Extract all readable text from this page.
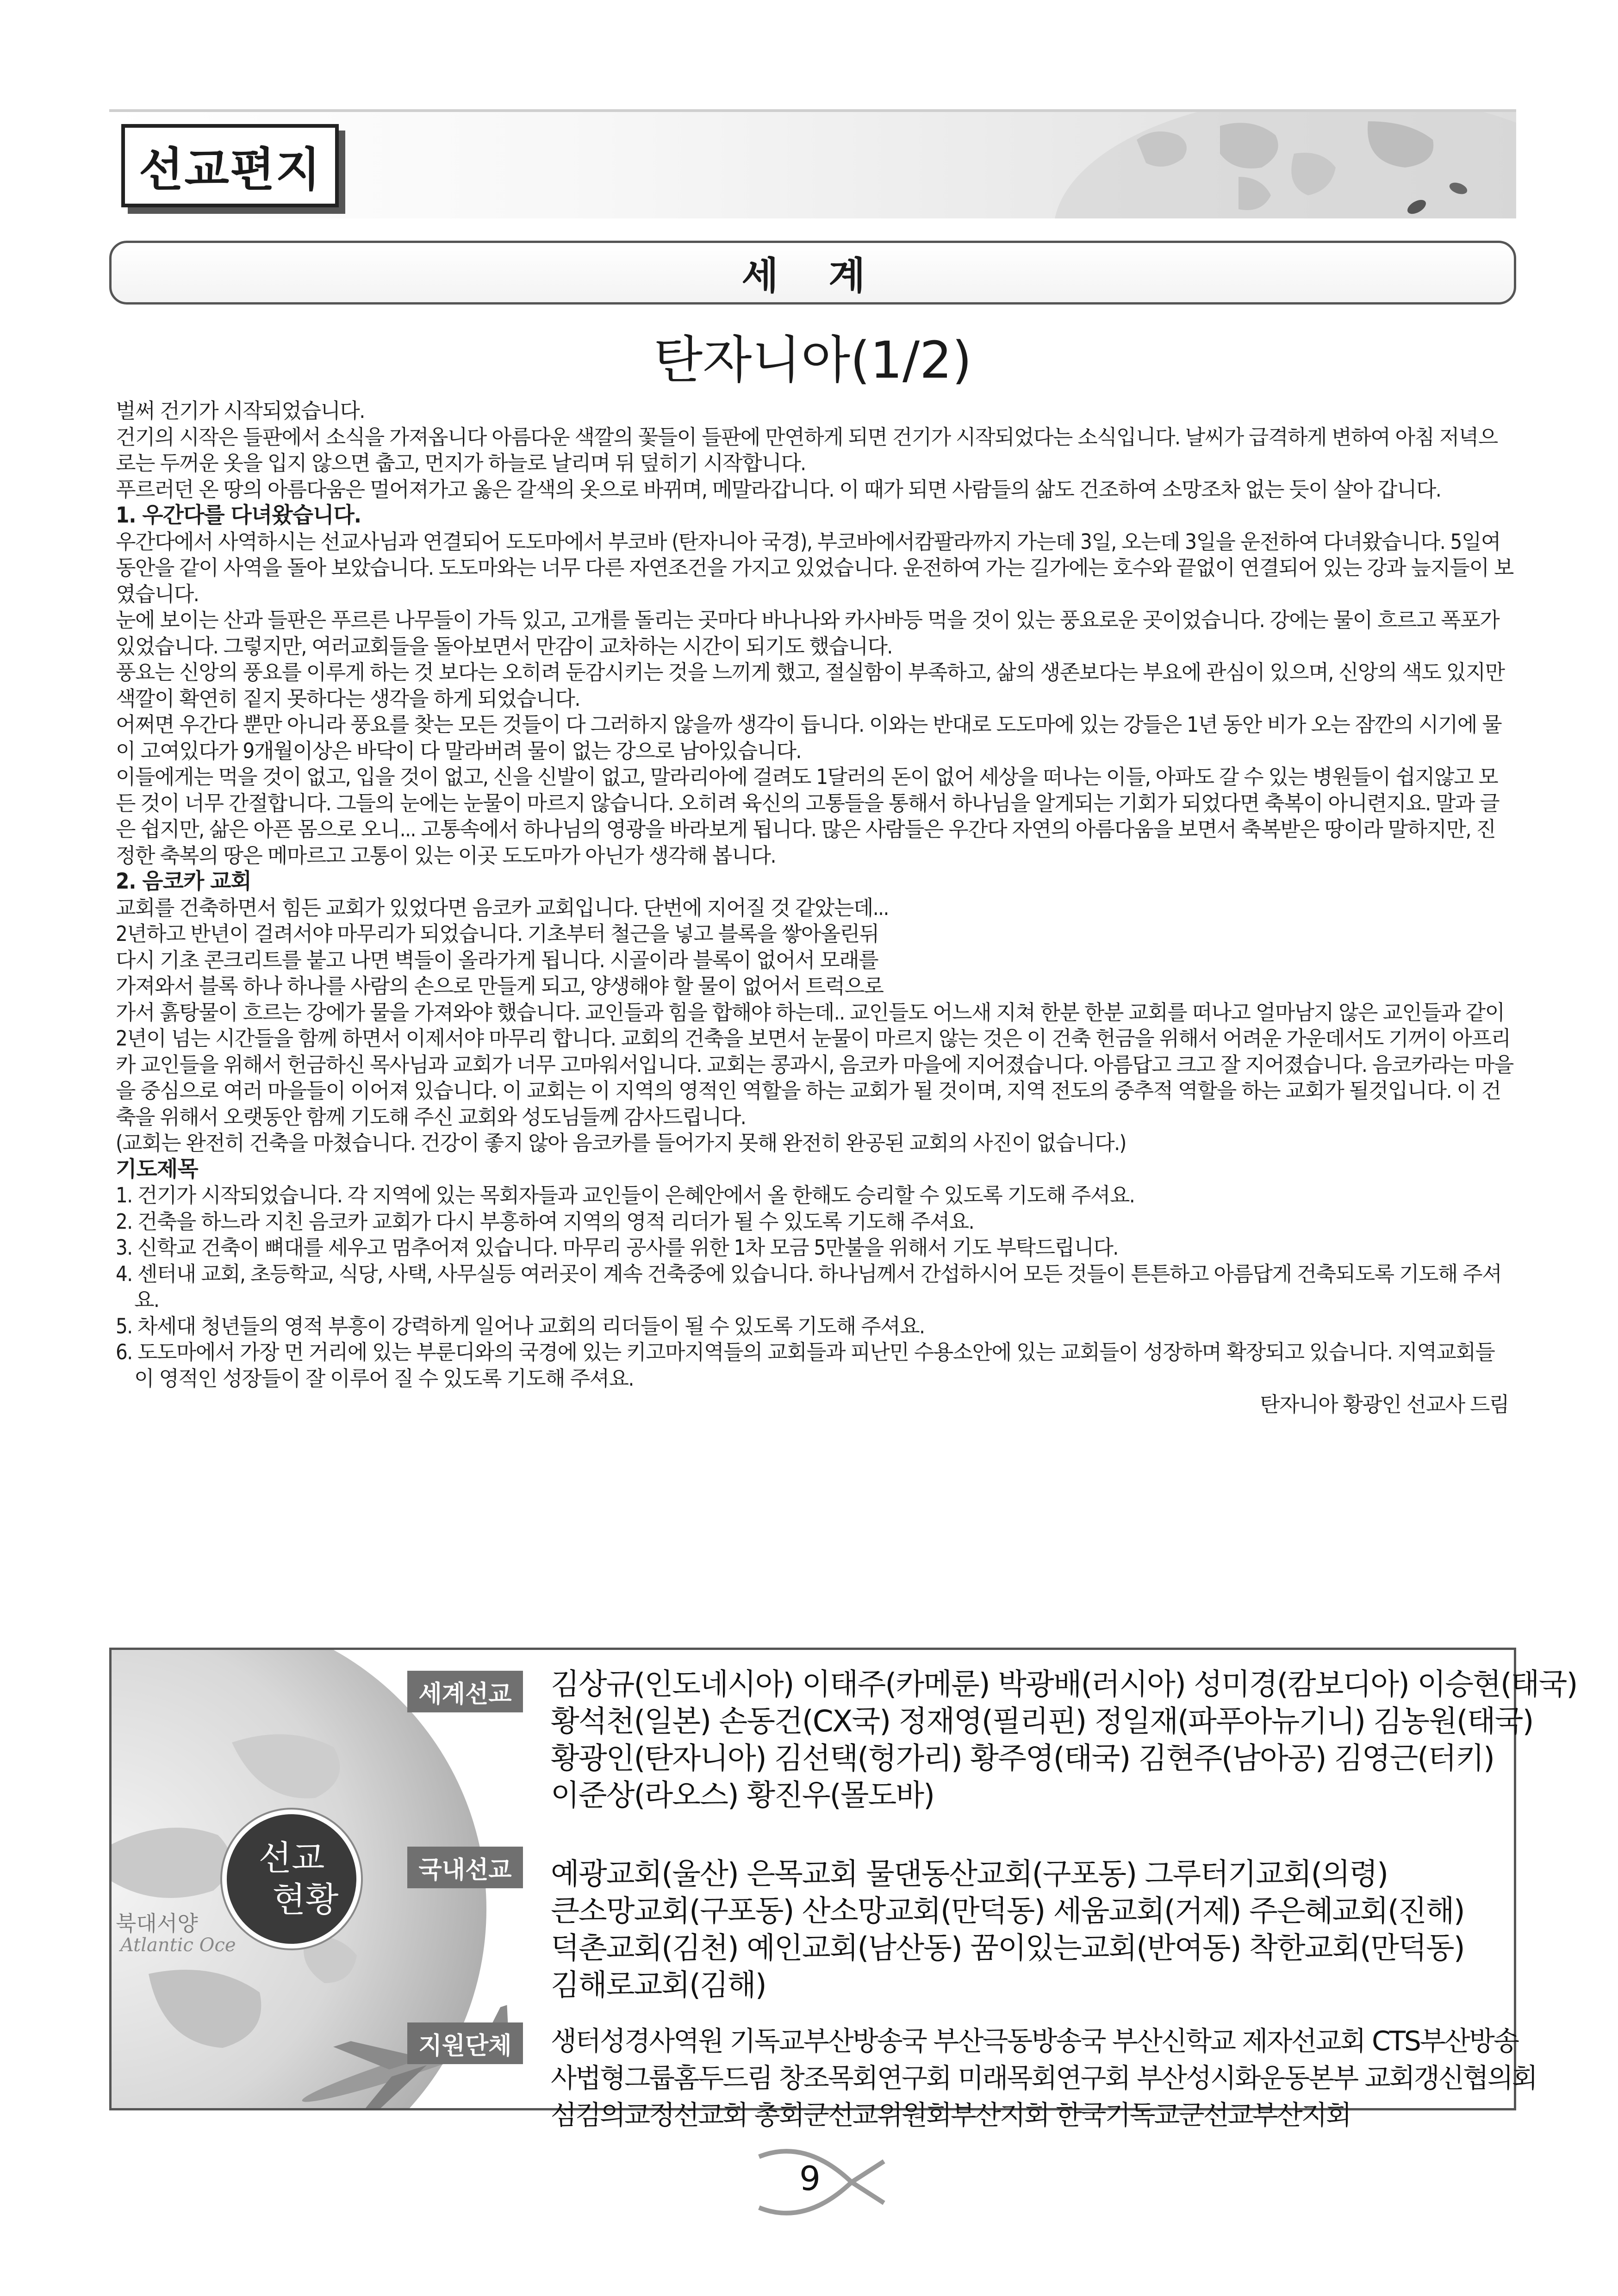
선교편지
세 계
탄자니아(1/2)

벌써 건기가 시작되었습니다.

건기의 시작은 들판에서 소식을 가져옵니다 아름다운 색깔의 꽃들이 들판에 만연하게 되면 건기가 시작되었다는 소식입니다. 날씨가 급격하게 변하여 아침 저녁으로는 두꺼운 옷을 입지 않으면 춥고, 먼지가 하늘로 날리며 뒤 덮히기 시작합니다.

푸르러던 온 땅의 아름다움은 멀어져가고 옳은 갈색의 옷으로 바뀌며, 메말라갑니다. 이 때가 되면 사람들의 삶도 건조하여 소망조차 없는 듯이 살아 갑니다.

1. 우간다를 다녀왔습니다.

우간다에서 사역하시는 선교사님과 연결되어 도도마에서 부코바 (탄자니아 국경), 부코바에서캄팔라까지 가는데 3일, 오는데 3일을 운전하여 다녀왔습니다. 5일여 동안을 같이 사역을 돌아 보았습니다. 도도마와는 너무 다른 자연조건을 가지고 있었습니다. 운전하여 가는 길가에는 호수와 끝없이 연결되어 있는 강과 늪지들이 보였습니다.

눈에 보이는 산과 들판은 푸르른 나무들이 가득 있고, 고개를 돌리는 곳마다 바나나와 카사바등 먹을 것이 있는 풍요로운 곳이었습니다. 강에는 물이 흐르고 폭포가 있었습니다. 그렇지만, 여러교회들을 돌아보면서 만감이 교차하는 시간이 되기도 했습니다.

풍요는 신앙의 풍요를 이루게 하는 것 보다는 오히려 둔감시키는 것을 느끼게 했고, 절실함이 부족하고, 삶의 생존보다는 부요에 관심이 있으며, 신앙의 색도 있지만 색깔이 확연히 짙지 못하다는 생각을 하게 되었습니다.

어쩌면 우간다 뿐만 아니라 풍요를 찾는 모든 것들이 다 그러하지 않을까 생각이 듭니다. 이와는 반대로 도도마에 있는 강들은 1년 동안 비가 오는 잠깐의 시기에 물이 고여있다가 9개월이상은 바닥이 다 말라버려 물이 없는 강으로 남아있습니다.

이들에게는 먹을 것이 없고, 입을 것이 없고, 신을 신발이 없고, 말라리아에 걸려도 1달러의 돈이 없어 세상을 떠나는 이들, 아파도 갈 수 있는 병원들이 쉽지않고 모든 것이 너무 간절합니다. 그들의 눈에는 눈물이 마르지 않습니다. 오히려 육신의 고통들을 통해서 하나님을 알게되는 기회가 되었다면 축복이 아니련지요. 말과 글은 쉽지만, 삶은 아픈 몸으로 오니... 고통속에서 하나님의 영광을 바라보게 됩니다. 많은 사람들은 우간다 자연의 아름다움을 보면서 축복받은 땅이라 말하지만, 진정한 축복의 땅은 메마르고 고통이 있는 이곳 도도마가 아닌가 생각해 봅니다.

2. 음코카 교회

교회를 건축하면서 힘든 교회가 있었다면 음코카 교회입니다. 단번에 지어질 것 같았는데...

2년하고 반년이 걸려서야 마무리가 되었습니다. 기초부터 철근을 넣고 블록을 쌓아올린뒤

다시 기초 콘크리트를 붙고 나면 벽들이 올라가게 됩니다. 시골이라 블록이 없어서 모래를

가져와서 블록 하나 하나를 사람의 손으로 만들게 되고, 양생해야 할 물이 없어서 트럭으로

가서 흙탕물이 흐르는 강에가 물을 가져와야 했습니다. 교인들과 힘을 합해야 하는데.. 교인들도 어느새 지쳐 한분 한분 교회를 떠나고 얼마남지 않은 교인들과 같이 2년이 넘는 시간들을 함께 하면서 이제서야 마무리 합니다. 교회의 건축을 보면서 눈물이 마르지 않는 것은 이 건축 헌금을 위해서 어려운 가운데서도 기꺼이 아프리카 교인들을 위해서 헌금하신 목사님과 교회가 너무 고마워서입니다. 교회는 콩과시, 음코카 마을에 지어졌습니다. 아름답고 크고 잘 지어졌습니다. 음코카라는 마을을 중심으로 여러 마을들이 이어져 있습니다. 이 교회는 이 지역의 영적인 역할을 하는 교회가 될 것이며, 지역 전도의 중추적 역할을 하는 교회가 될것입니다. 이 건축을 위해서 오랫동안 함께 기도해 주신 교회와 성도님들께 감사드립니다.

(교회는 완전히 건축을 마쳤습니다. 건강이 좋지 않아 음코카를 들어가지 못해 완전히 완공된 교회의 사진이 없습니다.)

기도제목
1. 건기가 시작되었습니다. 각 지역에 있는 목회자들과 교인들이 은혜안에서 올 한해도 승리할 수 있도록 기도해 주셔요.
2. 건축을 하느라 지친 음코카 교회가 다시 부흥하여 지역의 영적 리더가 될 수 있도록 기도해 주셔요.
3. 신학교 건축이 뼈대를 세우고 멈추어져 있습니다. 마무리 공사를 위한 1차 모금 5만불을 위해서 기도 부탁드립니다.
4. 센터내 교회, 초등학교, 식당, 사택, 사무실등 여러곳이 계속 건축중에 있습니다. 하나님께서 간섭하시어 모든 것들이 튼튼하고 아름답게 건축되도록 기도해 주셔요.
5. 차세대 청년들의 영적 부흥이 강력하게 일어나 교회의 리더들이 될 수 있도록 기도해 주셔요.
6. 도도마에서 가장 먼 거리에 있는 부룬디와의 국경에 있는 키고마지역들의 교회들과 피난민 수용소안에 있는 교회들이 성장하며 확장되고 있습니다. 지역교회들이 영적인 성장들이 잘 이루어 질 수 있도록 기도해 주셔요.

탄자니아 황광인 선교사 드림

북대서양
Atlantic Oce
선교
현황
세계선교	김상규(인도네시아) 이태주(카메룬) 박광배(러시아) 성미경(캄보디아) 이승현(태국)
황석천(일본) 손동건(CX국) 정재영(필리핀) 정일재(파푸아뉴기니) 김농원(태국)
황광인(탄자니아) 김선택(헝가리) 황주영(태국) 김현주(남아공) 김영근(터키)
이준상(라오스) 황진우(몰도바)
국내선교	예광교회(울산) 은목교회 물댄동산교회(구포동) 그루터기교회(의령)
큰소망교회(구포동) 산소망교회(만덕동) 세움교회(거제) 주은혜교회(진해)
덕촌교회(김천) 예인교회(남산동) 꿈이있는교회(반여동) 착한교회(만덕동)
김해로교회(김해)
지원단체	생터성경사역원 기독교부산방송국 부산극동방송국 부산신학교 제자선교회 CTS부산방송
사법형그룹홈두드림 창조목회연구회 미래목회연구회 부산성시화운동본부 교회갱신협의회
섬김의교정선교회 총회군선교위원회부산지회 한국기독교군선교부산지회
9
